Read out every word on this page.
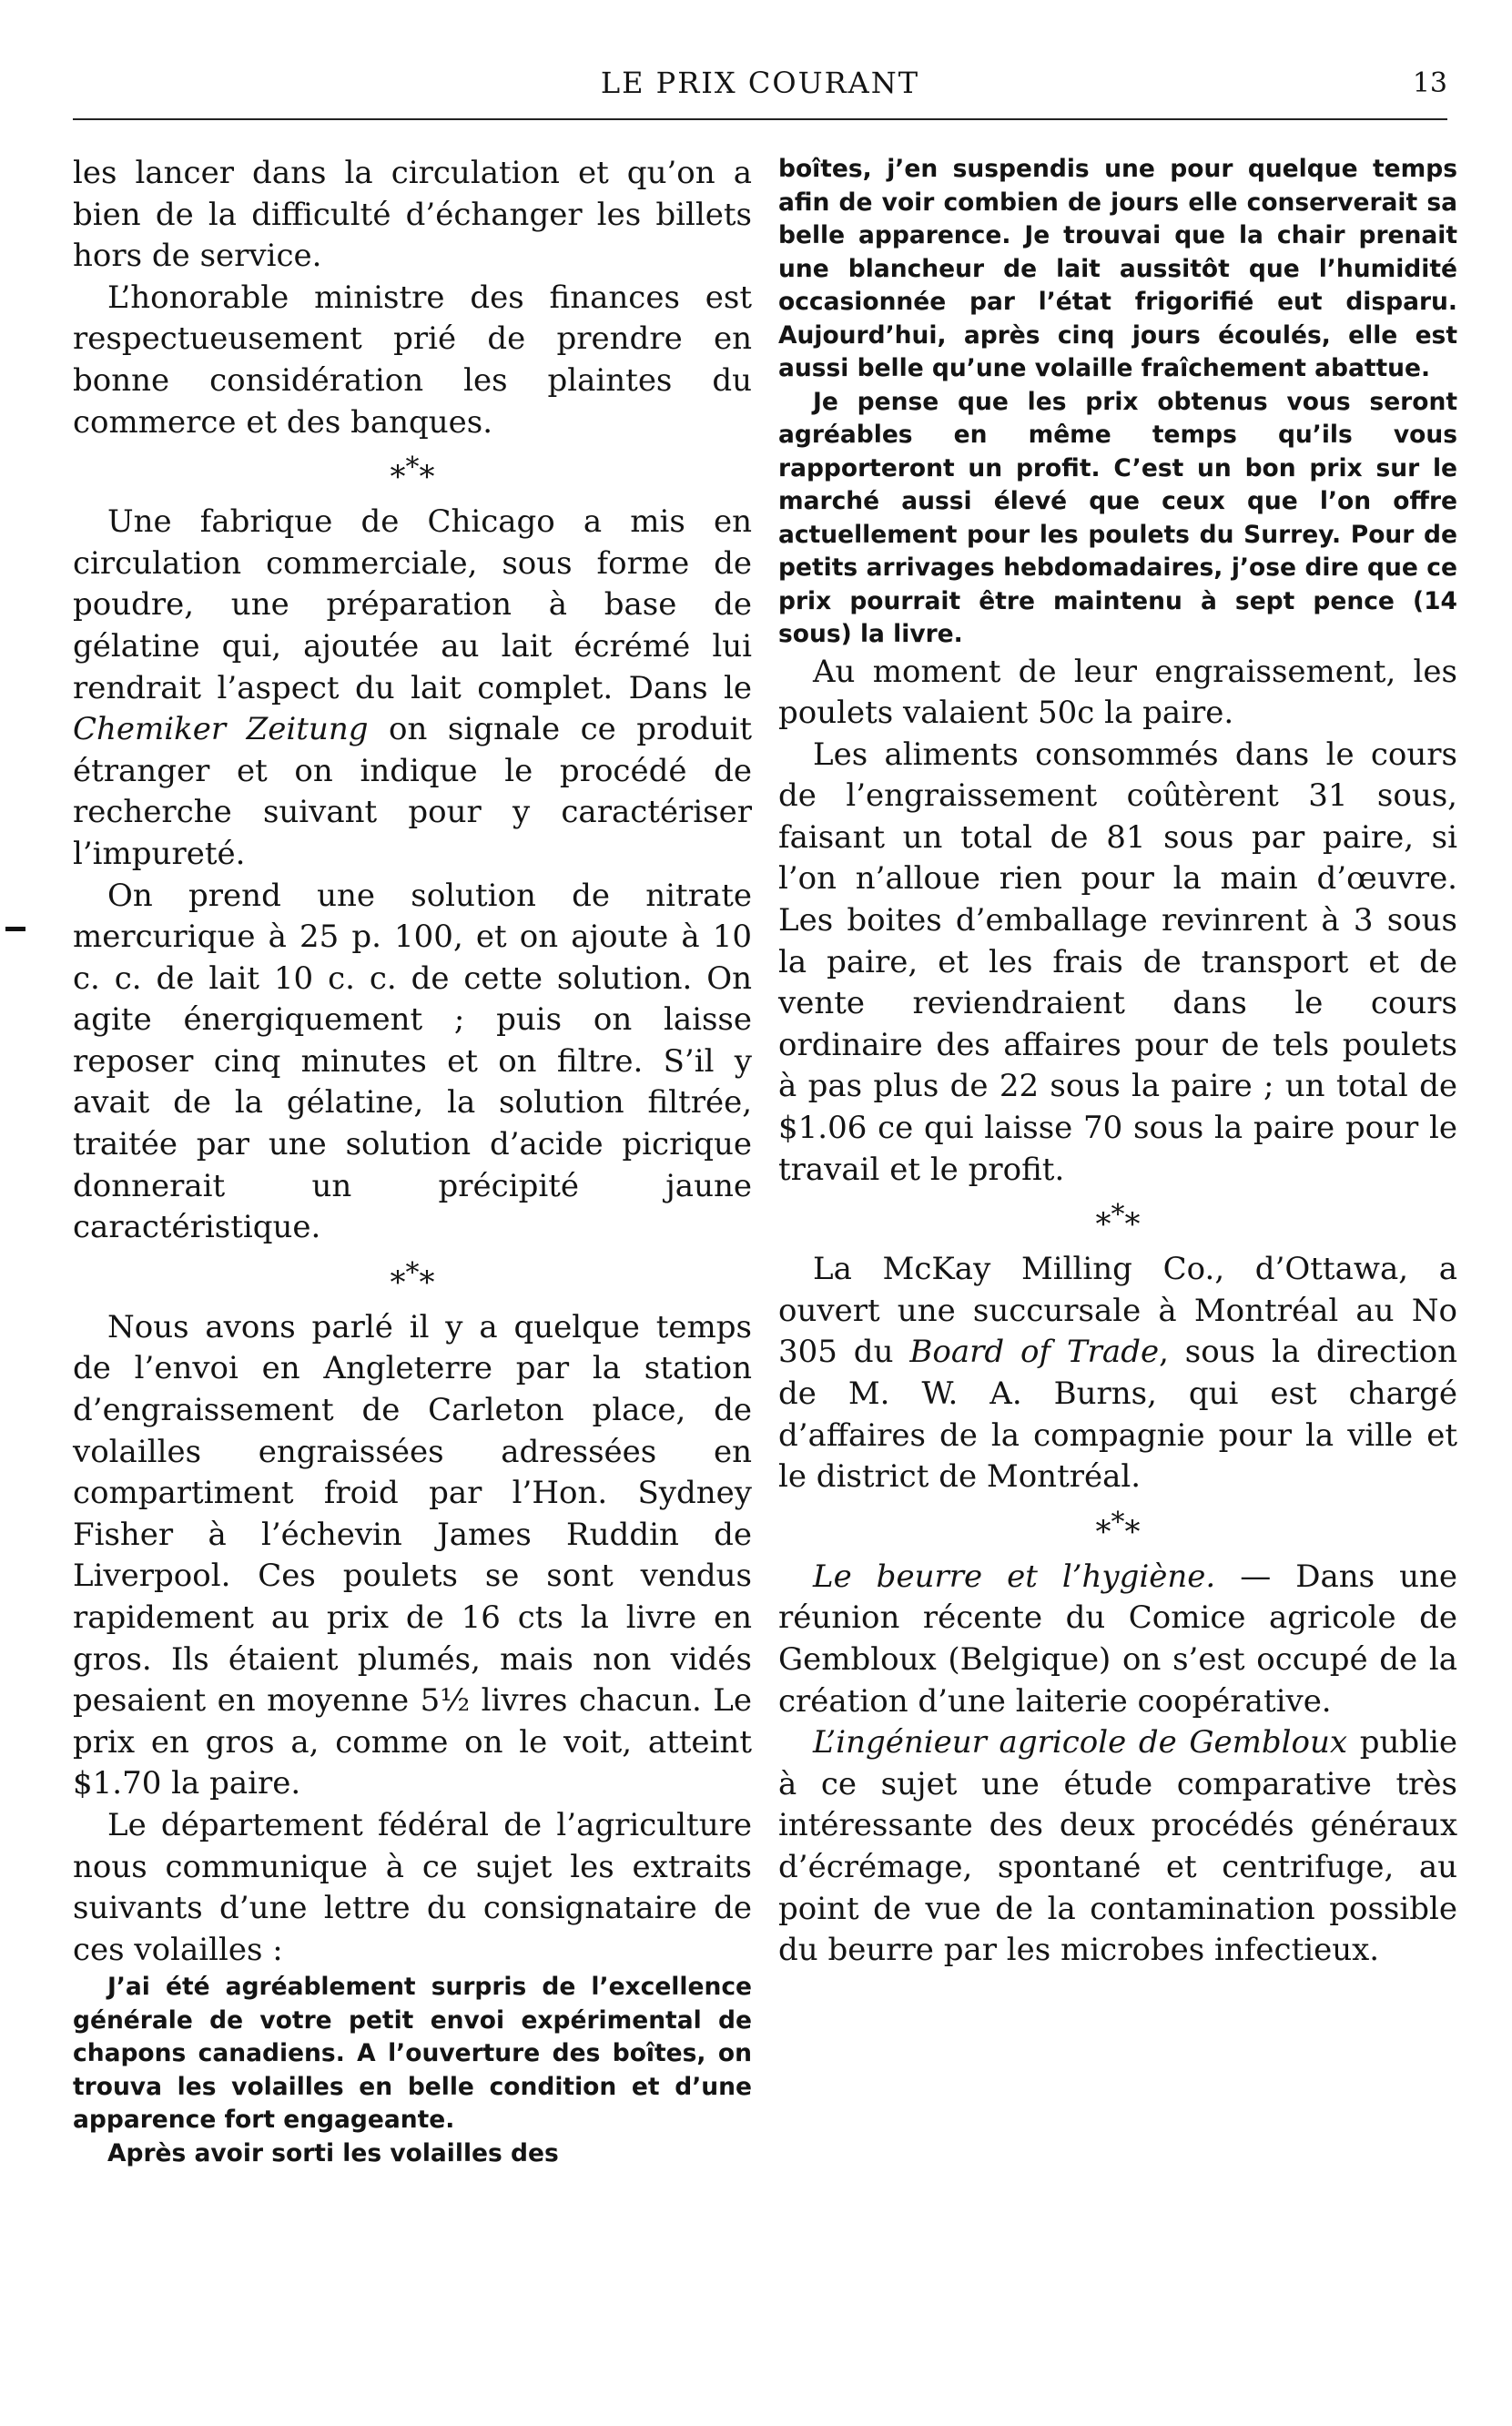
LE PRIX COURANT	13

les lancer dans la circulation et qu’on a bien de la difficulté d’échanger les billets hors de service.

L’honorable ministre des finances est respectueusement prié de prendre en bonne considération les plaintes du commerce et des banques.

***

Une fabrique de Chicago a mis en circulation commerciale, sous forme de poudre, une préparation à base de gélatine qui, ajoutée au lait écrémé lui rendrait l’aspect du lait complet. Dans le Chemiker Zeitung on signale ce produit étranger et on indique le procédé de recherche suivant pour y caractériser l’impureté.

On prend une solution de nitrate mercurique à 25 p. 100, et on ajoute à 10 c. c. de lait 10 c. c. de cette solution. On agite énergiquement ; puis on laisse reposer cinq minutes et on filtre. S’il y avait de la gélatine, la solution filtrée, traitée par une solution d’acide picrique donnerait un précipité jaune caractéristique.

***

Nous avons parlé il y a quelque temps de l’envoi en Angleterre par la station d’engraissement de Carleton place, de volailles engraissées adressées en compartiment froid par l’Hon. Sydney Fisher à l’échevin James Ruddin de Liverpool. Ces poulets se sont vendus rapidement au prix de 16 cts la livre en gros. Ils étaient plumés, mais non vidés pesaient en moyenne 5½ livres chacun. Le prix en gros a, comme on le voit, atteint $1.70 la paire.

Le département fédéral de l’agriculture nous communique à ce sujet les extraits suivants d’une lettre du consignataire de ces volailles :

J’ai été agréablement surpris de l’excellence générale de votre petit envoi expérimental de chapons canadiens. A l’ouverture des boîtes, on trouva les volailles en belle condition et d’une apparence fort engageante.

Après avoir sorti les volailles des

boîtes, j’en suspendis une pour quelque temps afin de voir combien de jours elle conserverait sa belle apparence. Je trouvai que la chair prenait une blancheur de lait aussitôt que l’humidité occasionnée par l’état frigorifié eut disparu. Aujourd’hui, après cinq jours écoulés, elle est aussi belle qu’une volaille fraîchement abattue.

Je pense que les prix obtenus vous seront agréables en même temps qu’ils vous rapporteront un profit. C’est un bon prix sur le marché aussi élevé que ceux que l’on offre actuellement pour les poulets du Surrey. Pour de petits arrivages hebdomadaires, j’ose dire que ce prix pourrait être maintenu à sept pence (14 sous) la livre.

Au moment de leur engraissement, les poulets valaient 50c la paire.

Les aliments consommés dans le cours de l’engraissement coûtèrent 31 sous, faisant un total de 81 sous par paire, si l’on n’alloue rien pour la main d’œuvre. Les boites d’emballage revinrent à 3 sous la paire, et les frais de transport et de vente reviendraient dans le cours ordinaire des affaires pour de tels poulets à pas plus de 22 sous la paire ; un total de $1.06 ce qui laisse 70 sous la paire pour le travail et le profit.

***

La McKay Milling Co., d’Ottawa, a ouvert une succursale à Montréal au No 305 du Board of Trade, sous la direction de M. W. A. Burns, qui est chargé d’affaires de la compagnie pour la ville et le district de Montréal.

***

Le beurre et l’hygiène. — Dans une réunion récente du Comice agricole de Gembloux (Belgique) on s’est occupé de la création d’une laiterie coopérative.

L’ingénieur agricole de Gembloux publie à ce sujet une étude comparative très intéressante des deux procédés généraux d’écrémage, spontané et centrifuge, au point de vue de la contamination possible du beurre par les microbes infectieux.
